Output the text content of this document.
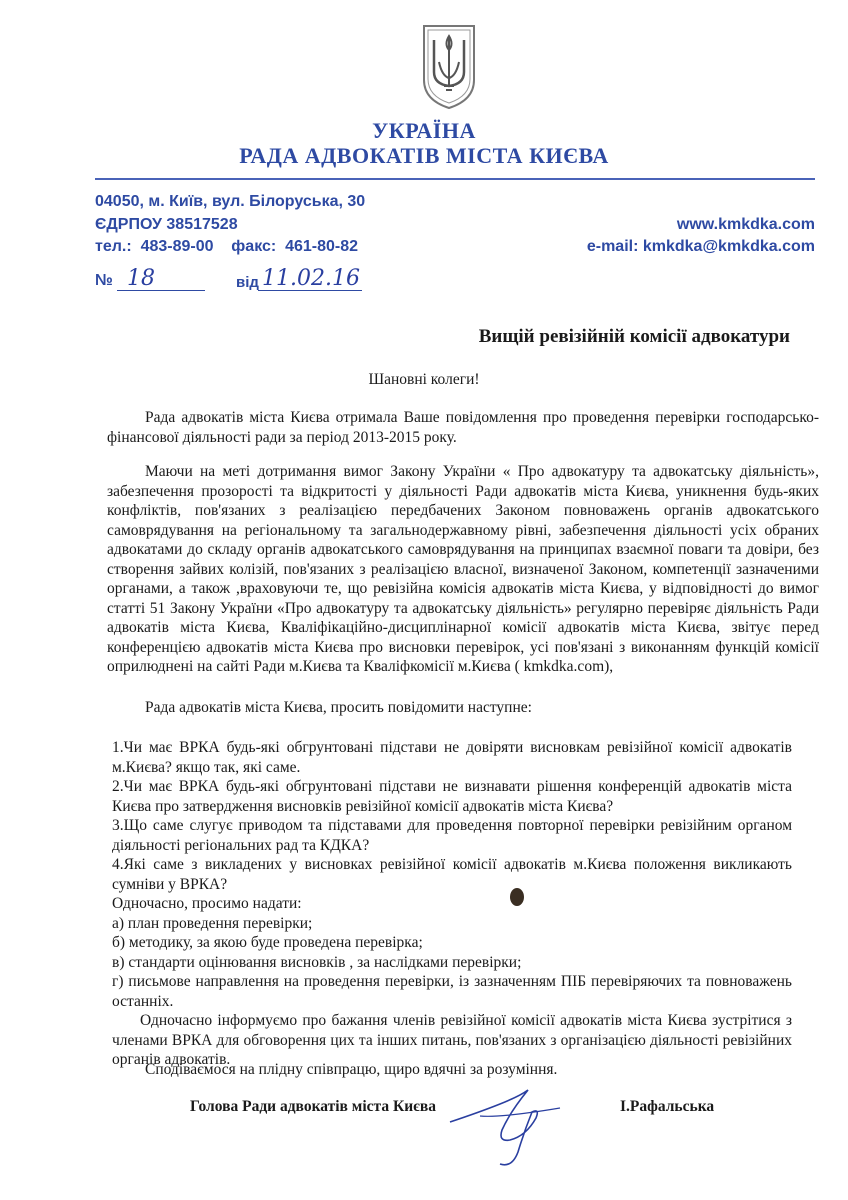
УКРАЇНА
РАДА АДВОКАТІВ МІСТА КИЄВА
04050, м. Київ, вул. Білоруська, 30
ЄДРПОУ 38517528
тел.:  483-89-00    факс:  461-80-82
www.kmkdka.com
e-mail: kmkdka@kmkdka.com
№ 18	від 11.02.16
Вищій ревізійній комісії адвокатури
Шановні колеги!
Рада адвокатів міста Києва отримала Ваше повідомлення про проведення перевірки господарсько-фінансової діяльності ради за період 2013-2015 року.
Маючи на меті дотримання вимог Закону України « Про адвокатуру та адвокатську діяльність», забезпечення прозорості та відкритості у діяльності Ради адвокатів міста Києва, уникнення будь-яких конфліктів, пов'язаних з реалізацією передбачених Законом повноважень органів адвокатського самоврядування на регіональному та загальнодержавному рівні, забезпечення діяльності усіх обраних адвокатами до складу органів адвокатського самоврядування на принципах взаємної поваги та довіри, без створення зайвих колізій, пов'язаних з реалізацією власної, визначеної Законом, компетенції зазначеними органами, а також ,враховуючи те, що ревізійна комісія адвокатів міста Києва, у відповідності до вимог статті 51 Закону України «Про адвокатуру та адвокатську діяльність» регулярно перевіряє діяльність Ради адвокатів міста Києва, Кваліфікаційно-дисциплінарної комісії адвокатів міста Києва, звітує перед конференцією адвокатів міста Києва про висновки перевірок, усі пов'язані з виконанням функцій комісії оприлюднені на сайті Ради м.Києва та Кваліфкомісії м.Києва ( kmkdka.com),
Рада адвокатів міста Києва, просить повідомити наступне:
1.Чи має ВРКА будь-які обгрунтовані підстави не довіряти висновкам ревізійної комісії адвокатів м.Києва? якщо так, які саме.
2.Чи має ВРКА будь-які обгрунтовані підстави не визнавати рішення конференцій адвокатів міста Києва про затвердження висновків ревізійної комісії адвокатів міста Києва?
3.Що саме слугує приводом та підставами для проведення повторної перевірки ревізійним органом діяльності регіональних рад та КДКА?
4.Які саме з викладених у висновках ревізійної комісії адвокатів м.Києва положення викликають сумніви у ВРКА?
Одночасно, просимо надати:
а) план проведення перевірки;
б) методику, за якою буде проведена перевірка;
в) стандарти оцінювання висновків , за наслідками перевірки;
г) письмове направлення на проведення перевірки, із зазначенням ПІБ перевіряючих та повноважень останніх.
Одночасно інформуємо про бажання членів ревізійної комісії адвокатів міста Києва зустрітися з членами ВРКА для обговорення цих та інших питань, пов'язаних з організацією діяльності ревізійних органів адвокатів.
Сподіваємося на плідну співпрацю, щиро вдячні за розуміння.
Голова Ради адвокатів міста Києва	І.Рафальська
